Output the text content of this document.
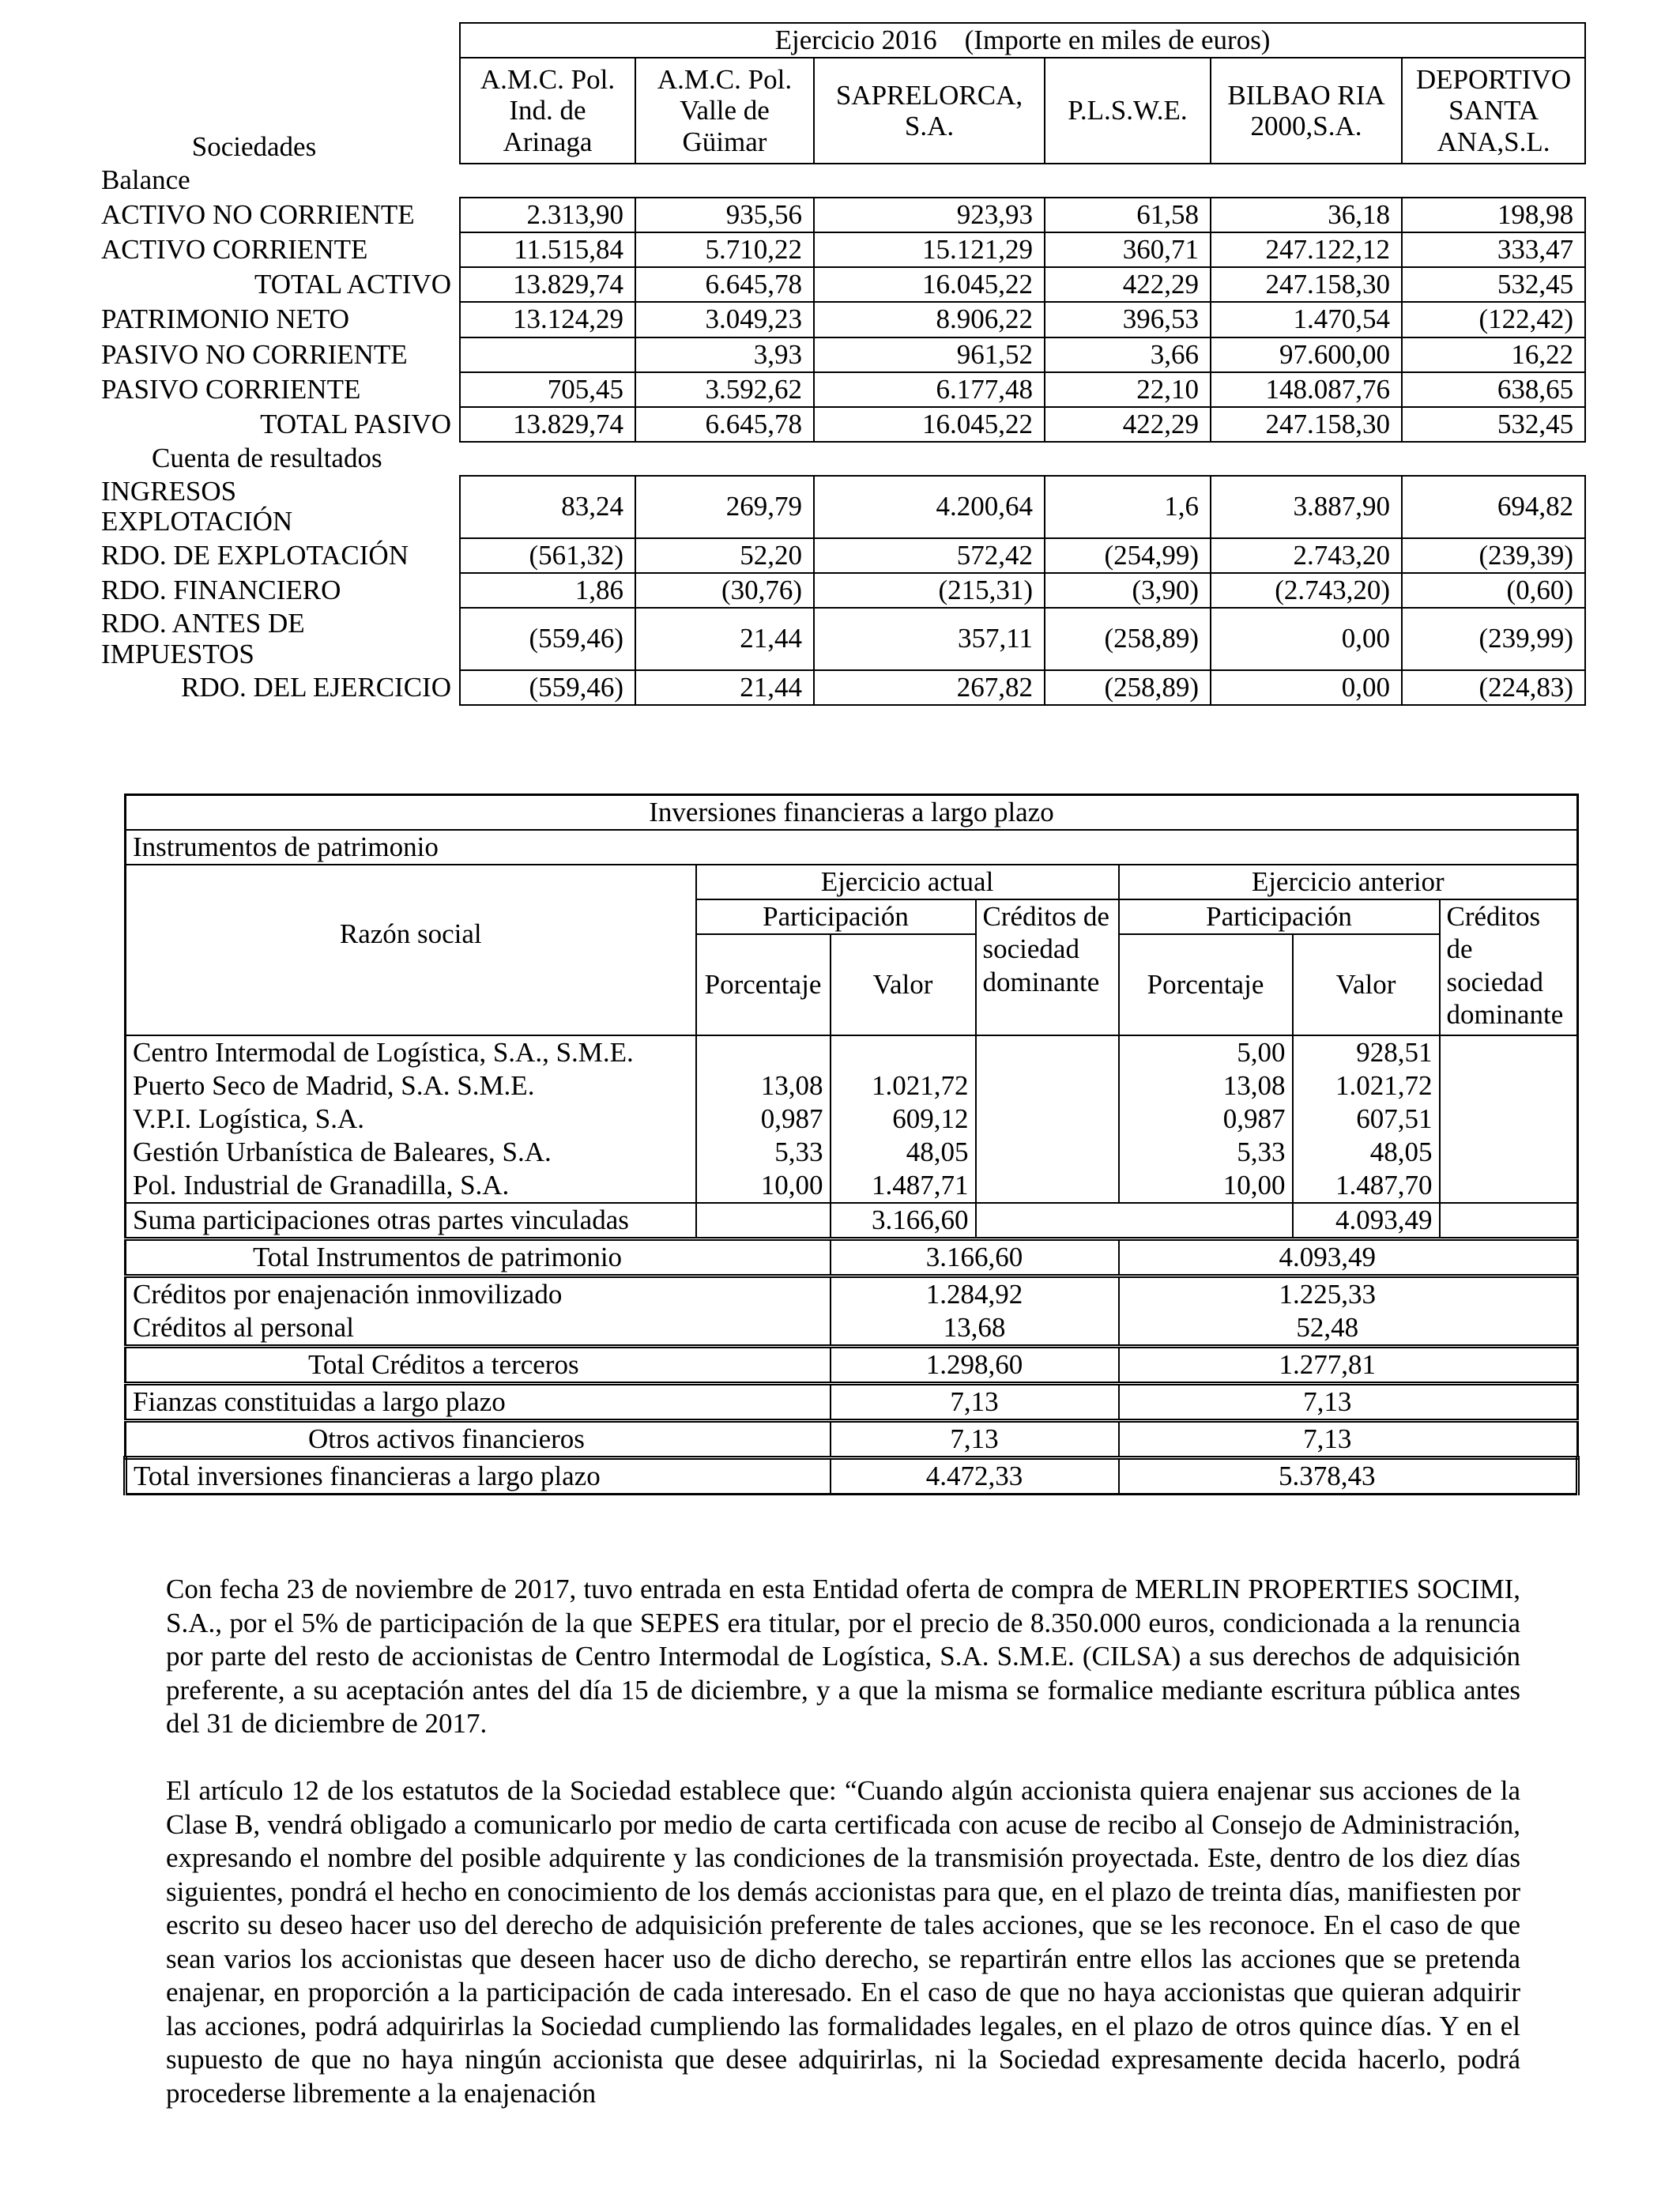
	Ejercicio 2016    (Importe en miles de euros)					
Sociedades	A.M.C. Pol. Ind. de Arinaga	A.M.C. Pol. Valle de Güimar	SAPRELORCA, S.A.	P.L.S.W.E.	BILBAO RIA 2000,S.A.	DEPORTIVO SANTA ANA,S.L.
Balance						
ACTIVO NO CORRIENTE	2.313,90	935,56	923,93	61,58	36,18	198,98
ACTIVO CORRIENTE	11.515,84	5.710,22	15.121,29	360,71	247.122,12	333,47
TOTAL ACTIVO	13.829,74	6.645,78	16.045,22	422,29	247.158,30	532,45
PATRIMONIO NETO	13.124,29	3.049,23	8.906,22	396,53	1.470,54	(122,42)
PASIVO NO CORRIENTE		3,93	961,52	3,66	97.600,00	16,22
PASIVO CORRIENTE	705,45	3.592,62	6.177,48	22,10	148.087,76	638,65
TOTAL PASIVO	13.829,74	6.645,78	16.045,22	422,29	247.158,30	532,45
Cuenta de resultados						

INGRESOS
EXPLOTACIÓN	83,24	269,79	4.200,64	1,6	3.887,90	694,82
RDO. DE EXPLOTACIÓN	(561,32)	52,20	572,42	(254,99)	2.743,20	(239,39)
RDO. FINANCIERO	1,86	(30,76)	(215,31)	(3,90)	(2.743,20)	(0,60)

RDO. ANTES DE
IMPUESTOS	(559,46)	21,44	357,11	(258,89)	0,00	(239,99)
RDO. DEL EJERCICIO	(559,46)	21,44	267,82	(258,89)	0,00	(224,83)
Inversiones financieras a largo plazo						
Instrumentos de patrimonio						
Razón social	Ejercicio actual			Ejercicio anterior		
	Participación		Créditos de sociedad dominante	Participación		Créditos de sociedad dominante
	Porcentaje	Valor		Porcentaje	Valor	
Centro Intermodal de Logística, S.A., S.M.E.				5,00	928,51	
Puerto Seco de Madrid, S.A. S.M.E.	13,08	1.021,72		13,08	1.021,72	
V.P.I. Logística, S.A.	0,987	609,12		0,987	607,51	
Gestión Urbanística de Baleares, S.A.	5,33	48,05		5,33	48,05	
Pol. Industrial de Granadilla, S.A.	10,00	1.487,71		10,00	1.487,70	
Suma participaciones otras partes vinculadas		3.166,60			4.093,49	
Total Instrumentos de patrimonio		3.166,60		4.093,49		
Créditos por enajenación inmovilizado		1.284,92		1.225,33		
Créditos al personal		13,68		52,48		
Total Créditos a terceros		1.298,60		1.277,81		
Fianzas constituidas a largo plazo		7,13		7,13		
Otros activos financieros		7,13		7,13		
Total inversiones financieras a largo plazo		4.472,33		5.378,43		

Con fecha 23 de noviembre de 2017, tuvo entrada en esta Entidad oferta de compra de MERLIN PROPERTIES SOCIMI, S.A., por el 5% de participación de la que SEPES era titular, por el precio de 8.350.000 euros, condicionada a la renuncia por parte del resto de accionistas de Centro Intermodal de Logística, S.A. S.M.E. (CILSA) a sus derechos de adquisición preferente, a su aceptación antes del día 15 de diciembre, y a que la misma se formalice mediante escritura pública antes del 31 de diciembre de 2017.

El artículo 12 de los estatutos de la Sociedad establece que: “Cuando algún accionista quiera enajenar sus acciones de la Clase B, vendrá obligado a comunicarlo por medio de carta certificada con acuse de recibo al Consejo de Administración, expresando el nombre del posible adquirente y las condiciones de la transmisión proyectada. Este, dentro de los diez días siguientes, pondrá el hecho en conocimiento de los demás accionistas para que, en el plazo de treinta días, manifiesten por escrito su deseo hacer uso del derecho de adquisición preferente de tales acciones, que se les reconoce. En el caso de que sean varios los accionistas que deseen hacer uso de dicho derecho, se repartirán entre ellos las acciones que se pretenda enajenar, en proporción a la participación de cada interesado. En el caso de que no haya accionistas que quieran adquirir las acciones, podrá adquirirlas la Sociedad cumpliendo las formalidades legales, en el plazo de otros quince días. Y en el supuesto de que no haya ningún accionista que desee adquirirlas, ni la Sociedad expresamente decida hacerlo, podrá procederse libremente a la enajenación
